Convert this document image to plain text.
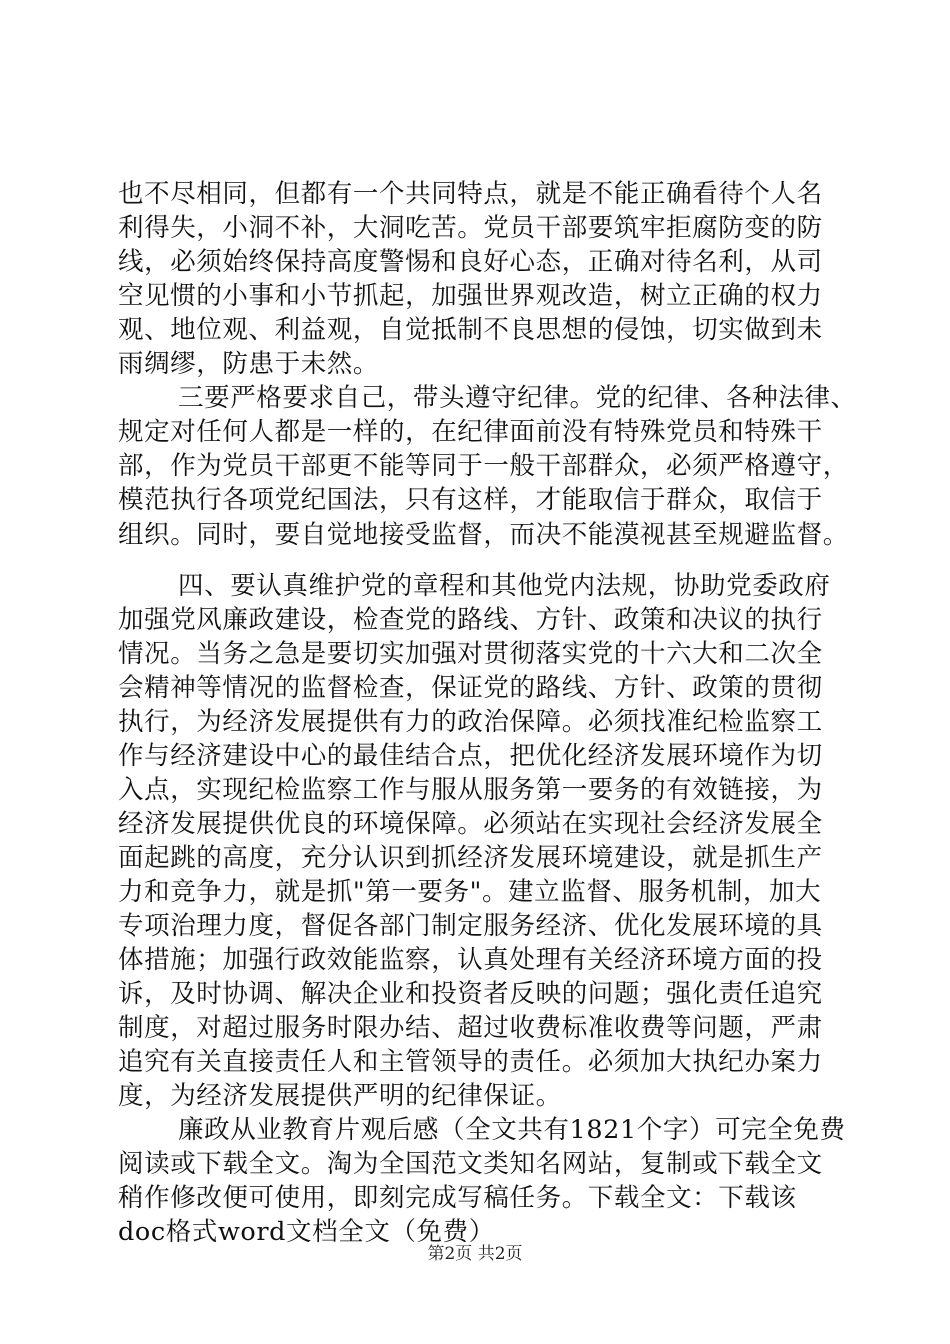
也不尽相同，但都有一个共同特点，就是不能正确看待个人名
利得失，小洞不补，大洞吃苦。党员干部要筑牢拒腐防变的防
线，必须始终保持高度警惕和良好心态，正确对待名利，从司
空见惯的小事和小节抓起，加强世界观改造，树立正确的权力
观、地位观、利益观，自觉抵制不良思想的侵蚀，切实做到未
雨绸缪，防患于未然。
三要严格要求自己，带头遵守纪律。党的纪律、各种法律、
规定对任何人都是一样的，在纪律面前没有特殊党员和特殊干
部，作为党员干部更不能等同于一般干部群众，必须严格遵守，
模范执行各项党纪国法，只有这样，才能取信于群众，取信于
组织。同时，要自觉地接受监督，而决不能漠视甚至规避监督。
四、要认真维护党的章程和其他党内法规，协助党委政府
加强党风廉政建设，检查党的路线、方针、政策和决议的执行
情况。当务之急是要切实加强对贯彻落实党的十六大和二次全
会精神等情况的监督检查，保证党的路线、方针、政策的贯彻
执行，为经济发展提供有力的政治保障。必须找准纪检监察工
作与经济建设中心的最佳结合点，把优化经济发展环境作为切
入点，实现纪检监察工作与服从服务第一要务的有效链接，为
经济发展提供优良的环境保障。必须站在实现社会经济发展全
面起跳的高度，充分认识到抓经济发展环境建设，就是抓生产
力和竞争力，就是抓"第一要务"。建立监督、服务机制，加大
专项治理力度，督促各部门制定服务经济、优化发展环境的具
体措施；加强行政效能监察，认真处理有关经济环境方面的投
诉，及时协调、解决企业和投资者反映的问题；强化责任追究
制度，对超过服务时限办结、超过收费标准收费等问题，严肃
追究有关直接责任人和主管领导的责任。必须加大执纪办案力
度，为经济发展提供严明的纪律保证。
廉政从业教育片观后感（全文共有1821个字）可完全免费
阅读或下载全文。淘为全国范文类知名网站，复制或下载全文
稍作修改便可使用，即刻完成写稿任务。下载全文：下载该
doc格式word文档全文（免费）
第2页 共2页
